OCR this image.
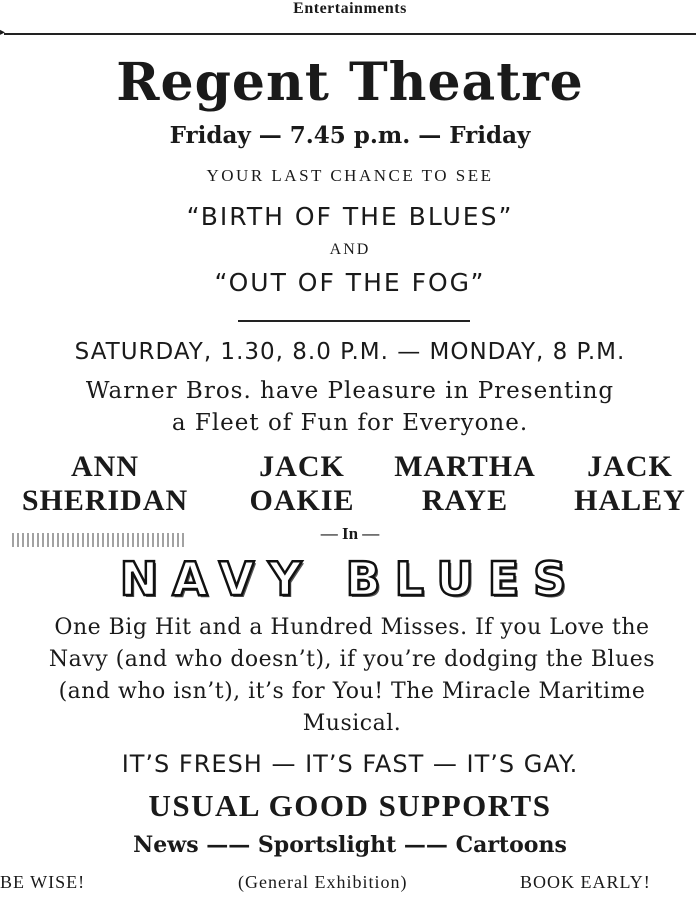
Entertainments
▸
Regent Theatre
Friday — 7.45 p.m. — Friday
YOUR LAST CHANCE TO SEE
“BIRTH OF THE BLUES”
AND
“OUT OF THE FOG”
SATURDAY, 1.30, 8.0 P.M. — MONDAY, 8 P.M.
Warner Bros. have Pleasure in Presenting
a Fleet of Fun for Everyone.
ANN
SHERIDAN
JACK
OAKIE
MARTHA
RAYE
JACK
HALEY
— In —
NAVY BLUES
One Big Hit and a Hundred Misses. If you Love the Navy (and who doesn’t), if you’re dodging the Blues (and who isn’t), it’s for You! The Miracle Maritime Musical.
IT’S FRESH — IT’S FAST — IT’S GAY.
USUAL GOOD SUPPORTS
News —— Sportslight —— Cartoons
BE WISE!	(General Exhibition)	BOOK EARLY!
